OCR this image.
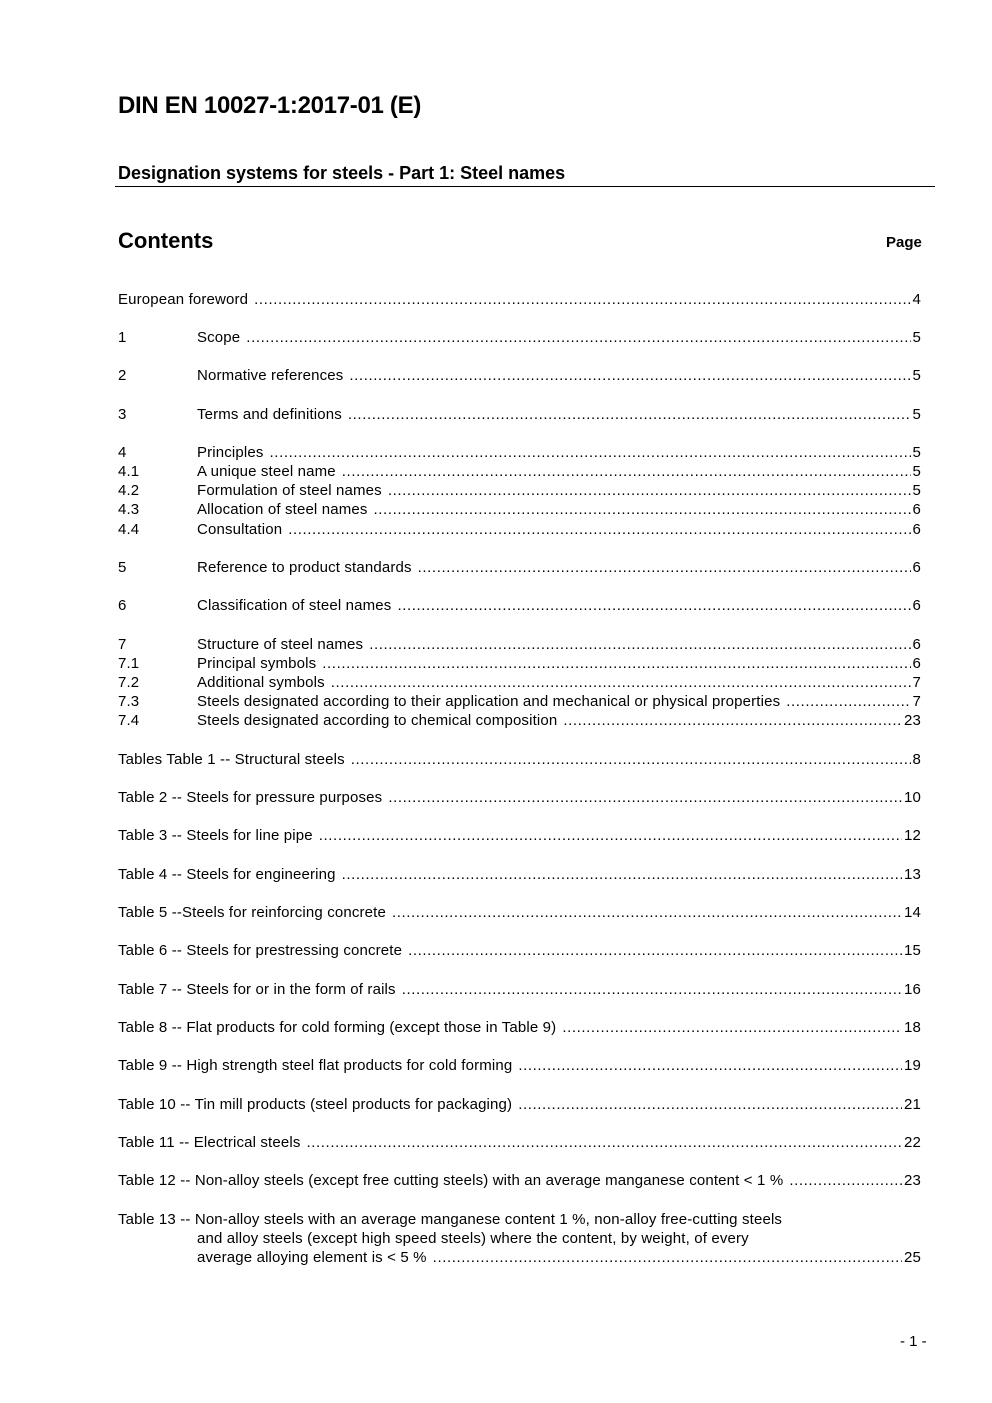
DIN EN 10027-1:2017-01 (E)
Designation systems for steels - Part 1: Steel names
Contents	Page
European foreword .....	4
1	Scope .....	5
2	Normative references .....	5
3	Terms and definitions .....	5
4	Principles .....	5
4.1	A unique steel name .....	5
4.2	Formulation of steel names .....	5
4.3	Allocation of steel names .....	6
4.4	Consultation .....	6
5	Reference to product standards .....	6
6	Classification of steel names .....	6
7	Structure of steel names .....	6
7.1	Principal symbols .....	6
7.2	Additional symbols .....	7
7.3	Steels designated according to their application and mechanical or physical properties .....	7
7.4	Steels designated according to chemical composition .....	23
Tables Table 1 -- Structural steels .....	8
Table 2 -- Steels for pressure purposes .....	10
Table 3 -- Steels for line pipe .....	12
Table 4 -- Steels for engineering .....	13
Table 5 --Steels for reinforcing concrete .....	14
Table 6 -- Steels for prestressing concrete .....	15
Table 7 -- Steels for or in the form of rails .....	16
Table 8 -- Flat products for cold forming (except those in Table 9) .....	18
Table 9 -- High strength steel flat products for cold forming .....	19
Table 10 -- Tin mill products (steel products for packaging) .....	21
Table 11 -- Electrical steels .....	22
Table 12 -- Non-alloy steels (except free cutting steels) with an average manganese content < 1 % .....	23
Table 13 -- Non-alloy steels with an average manganese content 1 %, non-alloy free-cutting steels
and alloy steels (except high speed steels) where the content, by weight, of every
average alloying element is < 5 % .....	25
- 1 -
